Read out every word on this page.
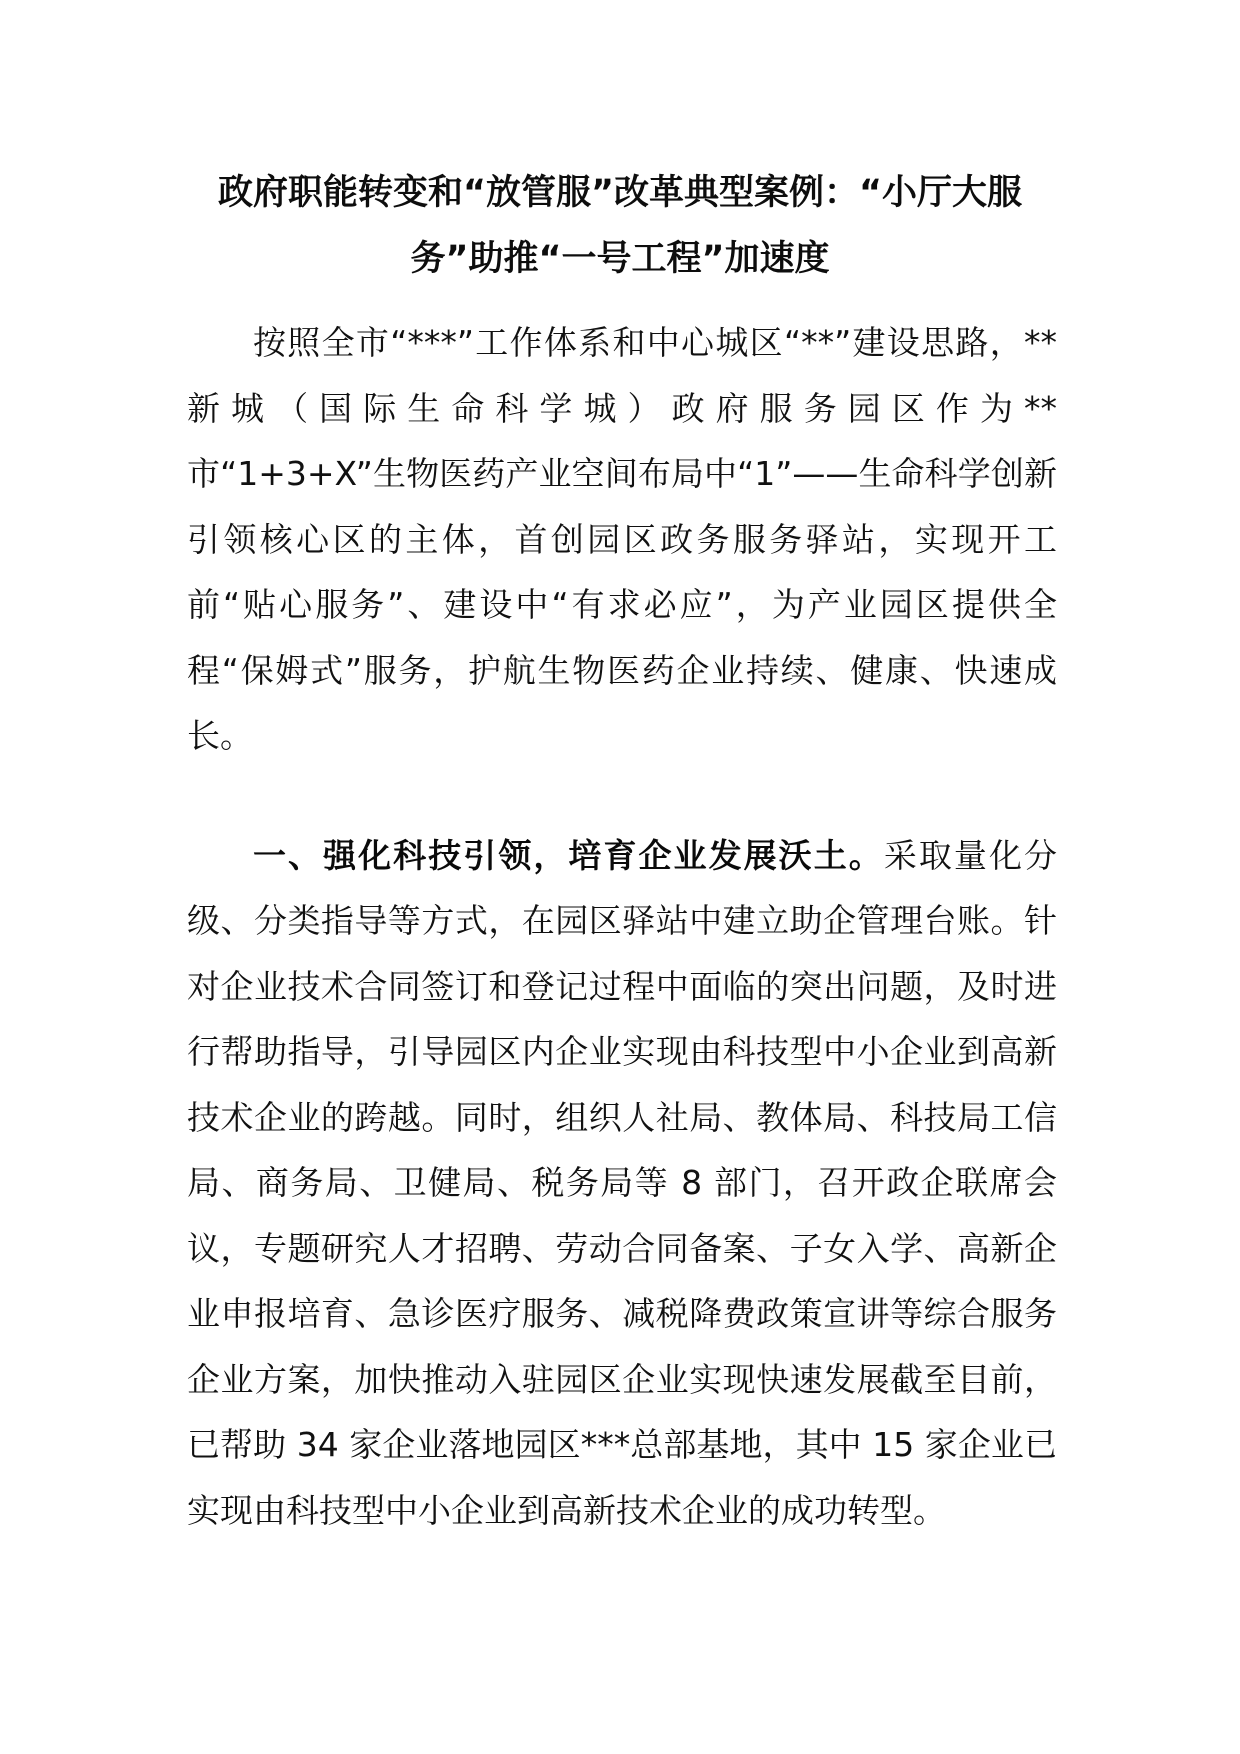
政府职能转变和“放管服”改革典型案例：“小厅大服
务”助推“一号工程”加速度

按照全市“***”工作体系和中心城区“**”建设思路，**新城（国际生命科学城）政府服务园区作为**市“1+3+X”生物医药产业空间布局中“1”——生命科学创新引领核心区的主体，首创园区政务服务驿站，实现开工前“贴心服务”、建设中“有求必应”，为产业园区提供全程“保姆式”服务，护航生物医药企业持续、健康、快速成长。

一、强化科技引领，培育企业发展沃土。采取量化分级、分类指导等方式，在园区驿站中建立助企管理台账。针对企业技术合同签订和登记过程中面临的突出问题，及时进行帮助指导，引导园区内企业实现由科技型中小企业到高新技术企业的跨越。同时，组织人社局、教体局、科技局工信局、商务局、卫健局、税务局等 8 部门，召开政企联席会议，专题研究人才招聘、劳动合同备案、子女入学、高新企业申报培育、急诊医疗服务、减税降费政策宣讲等综合服务企业方案，加快推动入驻园区企业实现快速发展截至目前，已帮助 34 家企业落地园区***总部基地，其中 15 家企业已实现由科技型中小企业到高新技术企业的成功转型。
